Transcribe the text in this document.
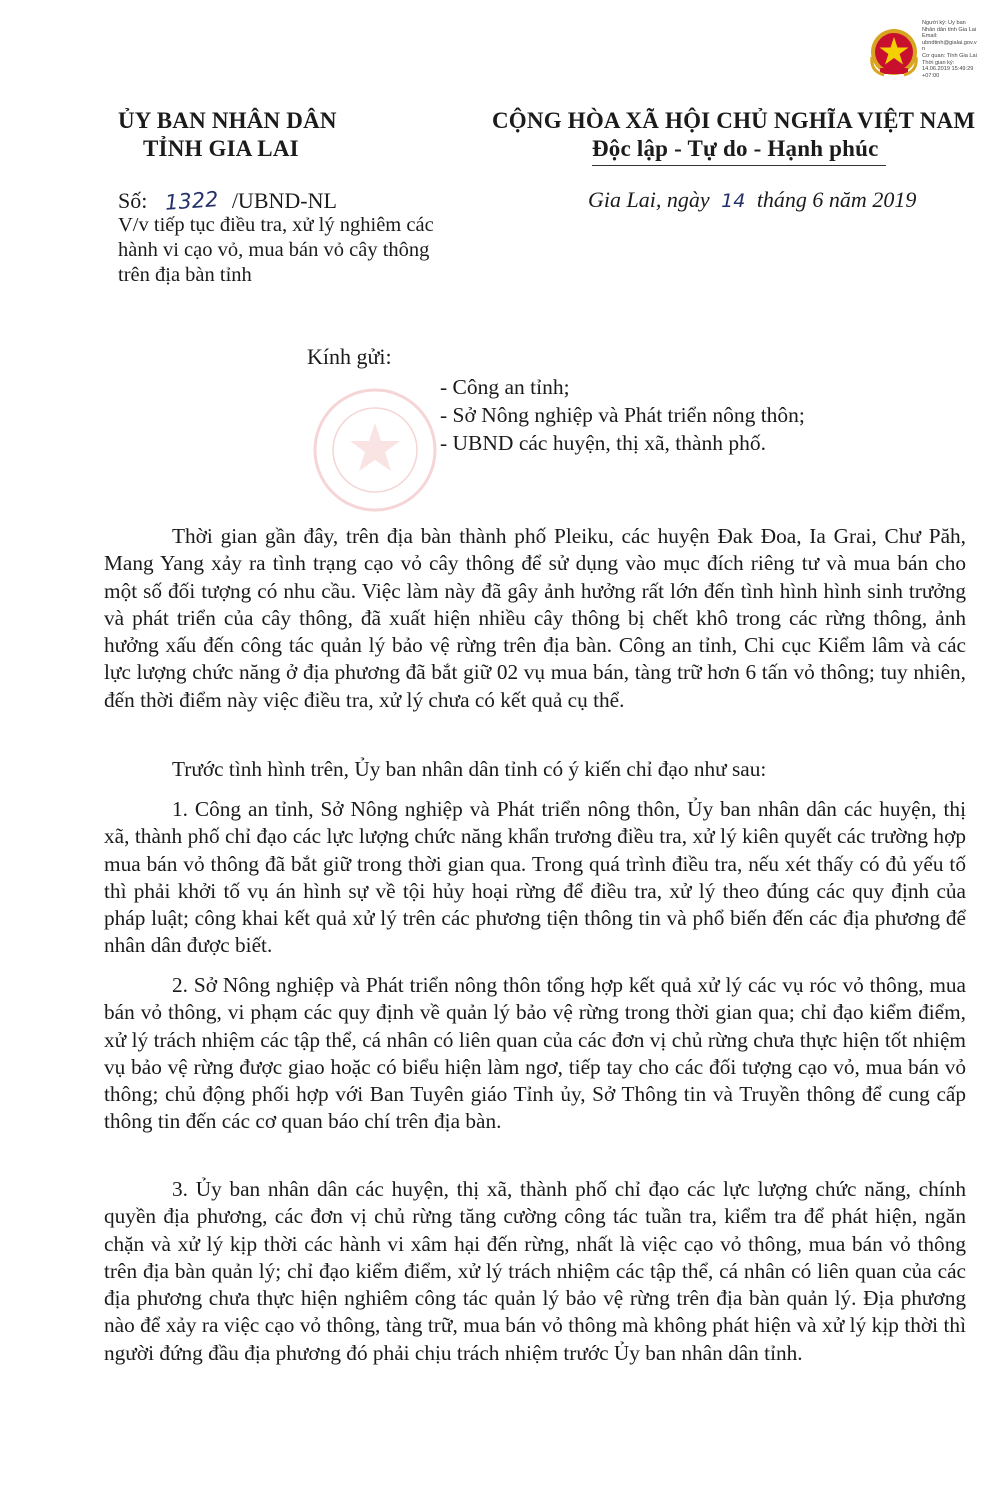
Người ký: Ủy ban
Nhân dân tỉnh Gia Lai
Email:
ubndtinh@gialai.gov.v
n
Cơ quan: Tỉnh Gia Lai
Thời gian ký:
14.06.2019 15:49:29
+07:00
ỦY BAN NHÂN DÂN
TỈNH GIA LAI
CỘNG HÒA XÃ HỘI CHỦ NGHĨA VIỆT NAM
Độc lập - Tự do - Hạnh phúc
Số: 1322 /UBND-NL
V/v tiếp tục điều tra, xử lý nghiêm các
hành vi cạo vỏ, mua bán vỏ cây thông
trên địa bàn tỉnh
Gia Lai, ngày 14 tháng 6 năm 2019
Kính gửi:
- Công an tỉnh;
- Sở Nông nghiệp và Phát triển nông thôn;
- UBND các huyện, thị xã, thành phố.
Thời gian gần đây, trên địa bàn thành phố Pleiku, các huyện Đak Đoa, Ia Grai, Chư Păh, Mang Yang xảy ra tình trạng cạo vỏ cây thông để sử dụng vào mục đích riêng tư và mua bán cho một số đối tượng có nhu cầu. Việc làm này đã gây ảnh hưởng rất lớn đến tình hình hình sinh trưởng và phát triển của cây thông, đã xuất hiện nhiều cây thông bị chết khô trong các rừng thông, ảnh hưởng xấu đến công tác quản lý bảo vệ rừng trên địa bàn. Công an tỉnh, Chi cục Kiểm lâm và các lực lượng chức năng ở địa phương đã bắt giữ 02 vụ mua bán, tàng trữ hơn 6 tấn vỏ thông; tuy nhiên, đến thời điểm này việc điều tra, xử lý chưa có kết quả cụ thể.
Trước tình hình trên, Ủy ban nhân dân tỉnh có ý kiến chỉ đạo như sau:
1. Công an tỉnh, Sở Nông nghiệp và Phát triển nông thôn, Ủy ban nhân dân các huyện, thị xã, thành phố chỉ đạo các lực lượng chức năng khẩn trương điều tra, xử lý kiên quyết các trường hợp mua bán vỏ thông đã bắt giữ trong thời gian qua. Trong quá trình điều tra, nếu xét thấy có đủ yếu tố thì phải khởi tố vụ án hình sự về tội hủy hoại rừng để điều tra, xử lý theo đúng các quy định của pháp luật; công khai kết quả xử lý trên các phương tiện thông tin và phổ biến đến các địa phương để nhân dân được biết.
2. Sở Nông nghiệp và Phát triển nông thôn tổng hợp kết quả xử lý các vụ róc vỏ thông, mua bán vỏ thông, vi phạm các quy định về quản lý bảo vệ rừng trong thời gian qua; chỉ đạo kiểm điểm, xử lý trách nhiệm các tập thể, cá nhân có liên quan của các đơn vị chủ rừng chưa thực hiện tốt nhiệm vụ bảo vệ rừng được giao hoặc có biểu hiện làm ngơ, tiếp tay cho các đối tượng cạo vỏ, mua bán vỏ thông; chủ động phối hợp với Ban Tuyên giáo Tỉnh ủy, Sở Thông tin và Truyền thông để cung cấp thông tin đến các cơ quan báo chí trên địa bàn.
3. Ủy ban nhân dân các huyện, thị xã, thành phố chỉ đạo các lực lượng chức năng, chính quyền địa phương, các đơn vị chủ rừng tăng cường công tác tuần tra, kiểm tra để phát hiện, ngăn chặn và xử lý kịp thời các hành vi xâm hại đến rừng, nhất là việc cạo vỏ thông, mua bán vỏ thông trên địa bàn quản lý; chỉ đạo kiểm điểm, xử lý trách nhiệm các tập thể, cá nhân có liên quan của các địa phương chưa thực hiện nghiêm công tác quản lý bảo vệ rừng trên địa bàn quản lý. Địa phương nào để xảy ra việc cạo vỏ thông, tàng trữ, mua bán vỏ thông mà không phát hiện và xử lý kịp thời thì người đứng đầu địa phương đó phải chịu trách nhiệm trước Ủy ban nhân dân tỉnh.
